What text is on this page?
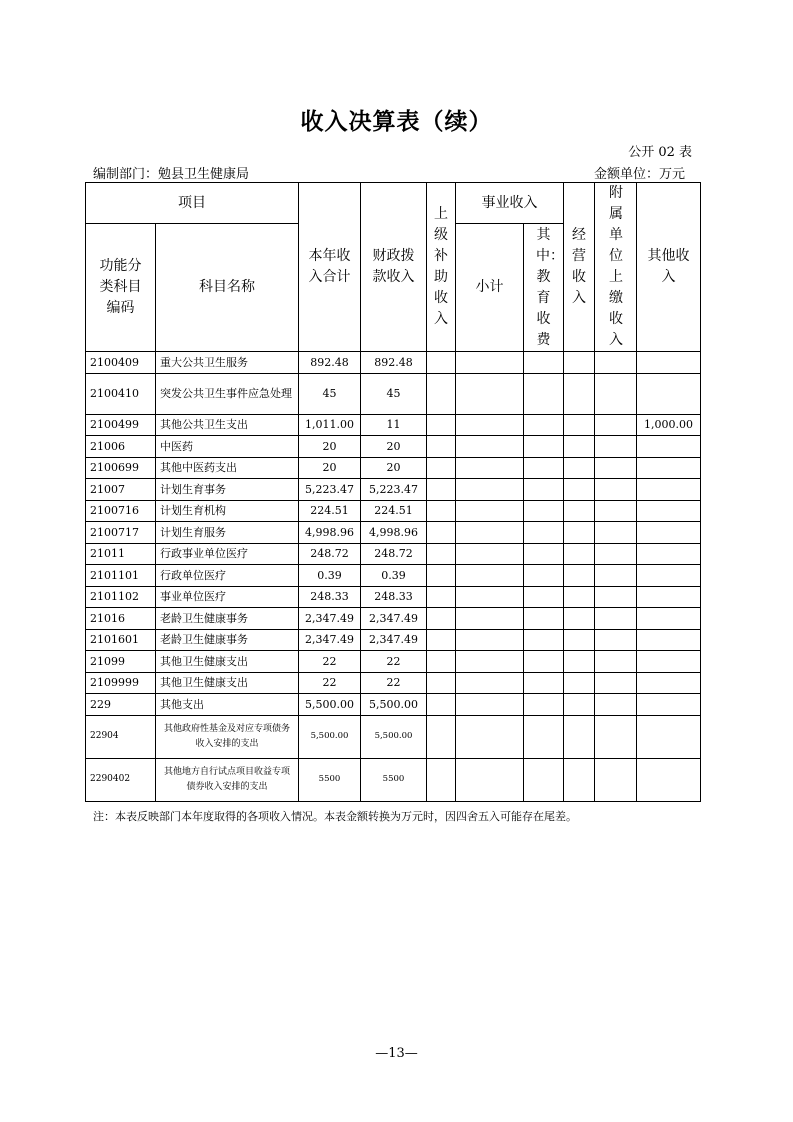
收入决算表（续）
公开 02 表
编制部门：勉县卫生健康局	金额单位：万元
项目		本年收入合计	财政拨款收入	上级补助收入	事业收入		经营收入	附属单位上缴收入	其他收入
功能分类科目编码	科目名称				小计	其中：教育收费			
2100409	重大公共卫生服务	892.48	892.48						
2100410	突发公共卫生事件应急处理	45	45						
2100499	其他公共卫生支出	1,011.00	11						1,000.00
21006	中医药	20	20						
2100699	其他中医药支出	20	20						
21007	计划生育事务	5,223.47	5,223.47						
2100716	计划生育机构	224.51	224.51						
2100717	计划生育服务	4,998.96	4,998.96						
21011	行政事业单位医疗	248.72	248.72						
2101101	行政单位医疗	0.39	0.39						
2101102	事业单位医疗	248.33	248.33						
21016	老龄卫生健康事务	2,347.49	2,347.49						
2101601	老龄卫生健康事务	2,347.49	2,347.49						
21099	其他卫生健康支出	22	22						
2109999	其他卫生健康支出	22	22						
229	其他支出	5,500.00	5,500.00						
22904	其他政府性基金及对应专项债务收入安排的支出	5,500.00	5,500.00						
2290402	其他地方自行试点项目收益专项债券收入安排的支出	5500	5500						
注：本表反映部门本年度取得的各项收入情况。本表金额转换为万元时，因四舍五入可能存在尾差。
—13—
